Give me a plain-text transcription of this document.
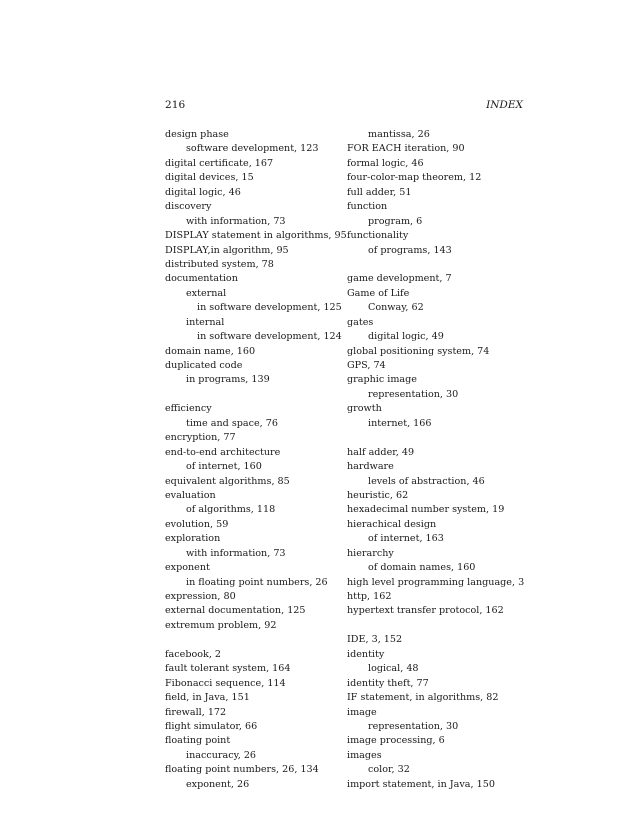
216	INDEX
design phase
software development, 123
digital certificate, 167
digital devices, 15
digital logic, 46
discovery
with information, 73
DISPLAY statement in algorithms, 95
DISPLAY,in algorithm, 95
distributed system, 78
documentation
external
in software development, 125
internal
in software development, 124
domain name, 160
duplicated code
in programs, 139
efficiency
time and space, 76
encryption, 77
end-to-end architecture
of internet, 160
equivalent algorithms, 85
evaluation
of algorithms, 118
evolution, 59
exploration
with information, 73
exponent
in floating point numbers, 26
expression, 80
external documentation, 125
extremum problem, 92
facebook, 2
fault tolerant system, 164
Fibonacci sequence, 114
field, in Java, 151
firewall, 172
flight simulator, 66
floating point
inaccuracy, 26
floating point numbers, 26, 134
exponent, 26
mantissa, 26
FOR EACH iteration, 90
formal logic, 46
four-color-map theorem, 12
full adder, 51
function
program, 6
functionality
of programs, 143
game development, 7
Game of Life
Conway, 62
gates
digital logic, 49
global positioning system, 74
GPS, 74
graphic image
representation, 30
growth
internet, 166
half adder, 49
hardware
levels of abstraction, 46
heuristic, 62
hexadecimal number system, 19
hierachical design
of internet, 163
hierarchy
of domain names, 160
high level programming language, 3
http, 162
hypertext transfer protocol, 162
IDE, 3, 152
identity
logical, 48
identity theft, 77
IF statement, in algorithms, 82
image
representation, 30
image processing, 6
images
color, 32
import statement, in Java, 150
